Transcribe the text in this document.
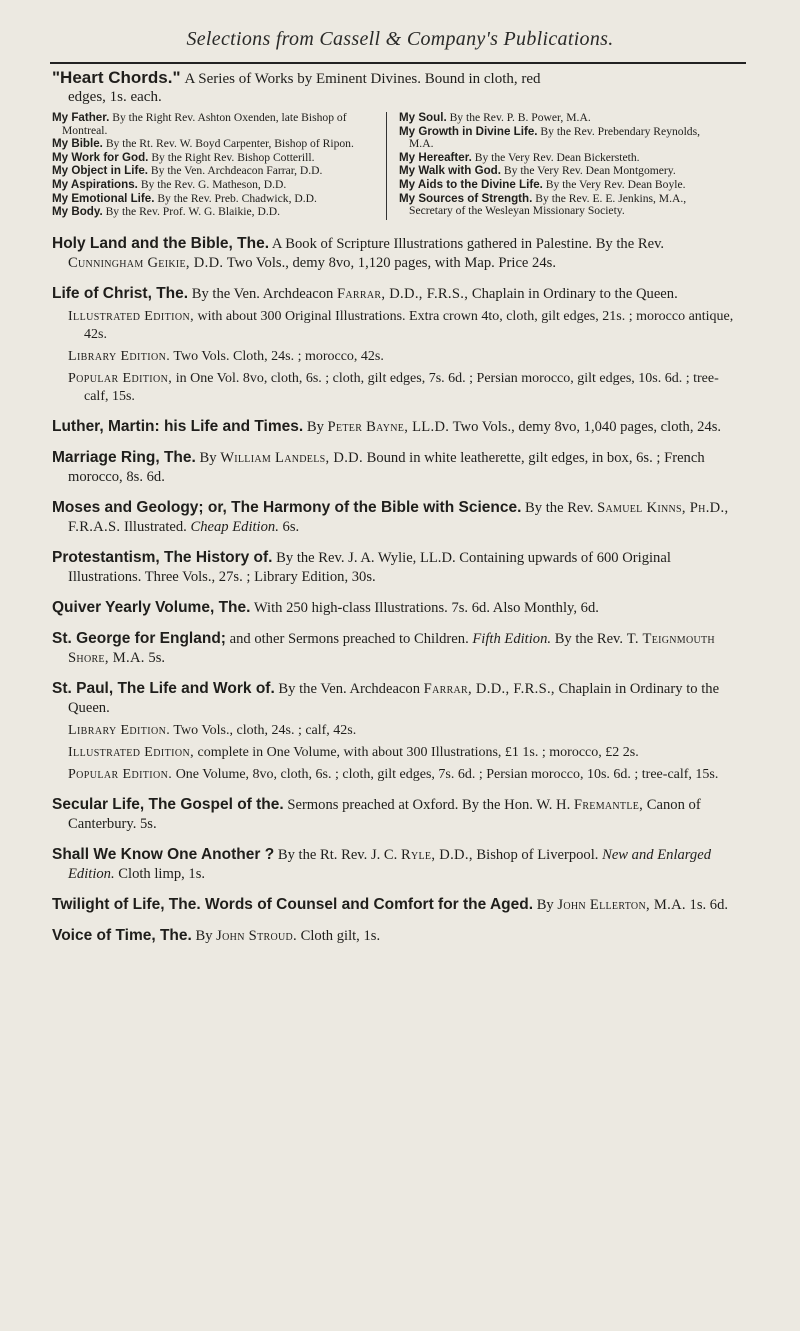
Selections from Cassell & Company's Publications.

"Heart Chords." A Series of Works by Eminent Divines. Bound in cloth, red

edges, 1s. each.

My Father. By the Right Rev. Ashton Oxenden, late Bishop of Montreal.

My Bible. By the Rt. Rev. W. Boyd Carpenter, Bishop of Ripon.

My Work for God. By the Right Rev. Bishop Cotterill.

My Object in Life. By the Ven. Archdeacon Farrar, D.D.

My Aspirations. By the Rev. G. Matheson, D.D.

My Emotional Life. By the Rev. Preb. Chadwick, D.D.

My Body. By the Rev. Prof. W. G. Blaikie, D.D.

My Soul. By the Rev. P. B. Power, M.A.

My Growth in Divine Life. By the Rev. Prebendary Reynolds, M.A.

My Hereafter. By the Very Rev. Dean Bickersteth.

My Walk with God. By the Very Rev. Dean Montgomery.

My Aids to the Divine Life. By the Very Rev. Dean Boyle.

My Sources of Strength. By the Rev. E. E. Jenkins, M.A., Secretary of the Wesleyan Missionary Society.

Holy Land and the Bible, The. A Book of Scripture Illustrations gathered in Palestine. By the Rev. Cunningham Geikie, D.D. Two Vols., demy 8vo, 1,120 pages, with Map. Price 24s.

Life of Christ, The. By the Ven. Archdeacon Farrar, D.D., F.R.S., Chaplain in Ordinary to the Queen.

Illustrated Edition, with about 300 Original Illustrations. Extra crown 4to, cloth, gilt edges, 21s. ; morocco antique, 42s.

Library Edition. Two Vols. Cloth, 24s. ; morocco, 42s.

Popular Edition, in One Vol. 8vo, cloth, 6s. ; cloth, gilt edges, 7s. 6d. ; Persian morocco, gilt edges, 10s. 6d. ; tree-calf, 15s.

Luther, Martin: his Life and Times. By Peter Bayne, LL.D. Two Vols., demy 8vo, 1,040 pages, cloth, 24s.

Marriage Ring, The. By William Landels, D.D. Bound in white leatherette, gilt edges, in box, 6s. ; French morocco, 8s. 6d.

Moses and Geology; or, The Harmony of the Bible with Science. By the Rev. Samuel Kinns, Ph.D., F.R.A.S. Illustrated. Cheap Edition. 6s.

Protestantism, The History of. By the Rev. J. A. Wylie, LL.D. Containing upwards of 600 Original Illustrations. Three Vols., 27s. ; Library Edition, 30s.

Quiver Yearly Volume, The. With 250 high-class Illustrations. 7s. 6d. Also Monthly, 6d.

St. George for England; and other Sermons preached to Children. Fifth Edition. By the Rev. T. Teignmouth Shore, M.A. 5s.

St. Paul, The Life and Work of. By the Ven. Archdeacon Farrar, D.D., F.R.S., Chaplain in Ordinary to the Queen.

Library Edition. Two Vols., cloth, 24s. ; calf, 42s.

Illustrated Edition, complete in One Volume, with about 300 Illustrations, £1 1s. ; morocco, £2 2s.

Popular Edition. One Volume, 8vo, cloth, 6s. ; cloth, gilt edges, 7s. 6d. ; Persian morocco, 10s. 6d. ; tree-calf, 15s.

Secular Life, The Gospel of the. Sermons preached at Oxford. By the Hon. W. H. Fremantle, Canon of Canterbury. 5s.

Shall We Know One Another ? By the Rt. Rev. J. C. Ryle, D.D., Bishop of Liverpool. New and Enlarged Edition. Cloth limp, 1s.

Twilight of Life, The. Words of Counsel and Comfort for the Aged. By John Ellerton, M.A. 1s. 6d.

Voice of Time, The. By John Stroud. Cloth gilt, 1s.
